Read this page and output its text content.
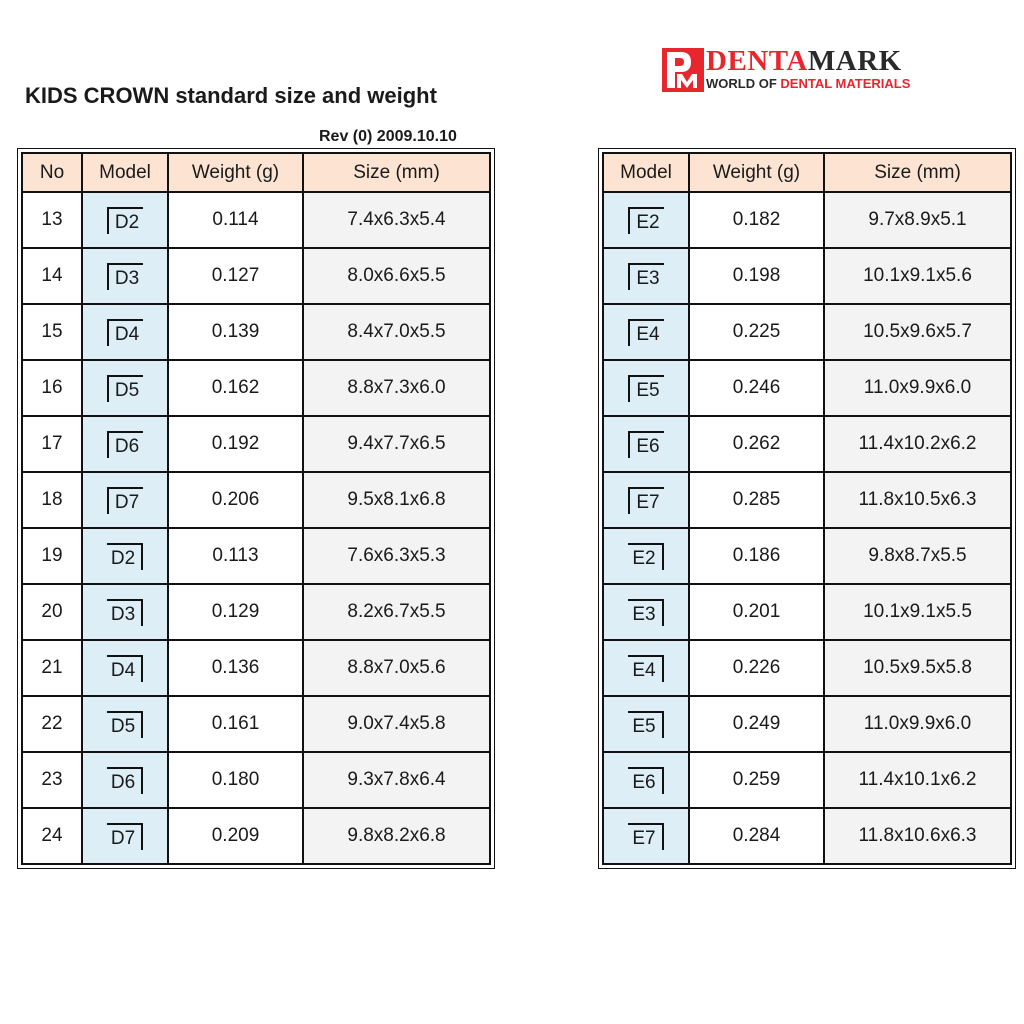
DENTAMARK
WORLD OF DENTAL MATERIALS
KIDS CROWN standard size and weight
Rev (0) 2009.10.10
No	Model	Weight (g)	Size (mm)
13	D2	0.114	7.4x6.3x5.4
14	D3	0.127	8.0x6.6x5.5
15	D4	0.139	8.4x7.0x5.5
16	D5	0.162	8.8x7.3x6.0
17	D6	0.192	9.4x7.7x6.5
18	D7	0.206	9.5x8.1x6.8
19	D2	0.113	7.6x6.3x5.3
20	D3	0.129	8.2x6.7x5.5
21	D4	0.136	8.8x7.0x5.6
22	D5	0.161	9.0x7.4x5.8
23	D6	0.180	9.3x7.8x6.4
24	D7	0.209	9.8x8.2x6.8
Model	Weight (g)	Size (mm)
E2	0.182	9.7x8.9x5.1
E3	0.198	10.1x9.1x5.6
E4	0.225	10.5x9.6x5.7
E5	0.246	11.0x9.9x6.0
E6	0.262	11.4x10.2x6.2
E7	0.285	11.8x10.5x6.3
E2	0.186	9.8x8.7x5.5
E3	0.201	10.1x9.1x5.5
E4	0.226	10.5x9.5x5.8
E5	0.249	11.0x9.9x6.0
E6	0.259	11.4x10.1x6.2
E7	0.284	11.8x10.6x6.3
